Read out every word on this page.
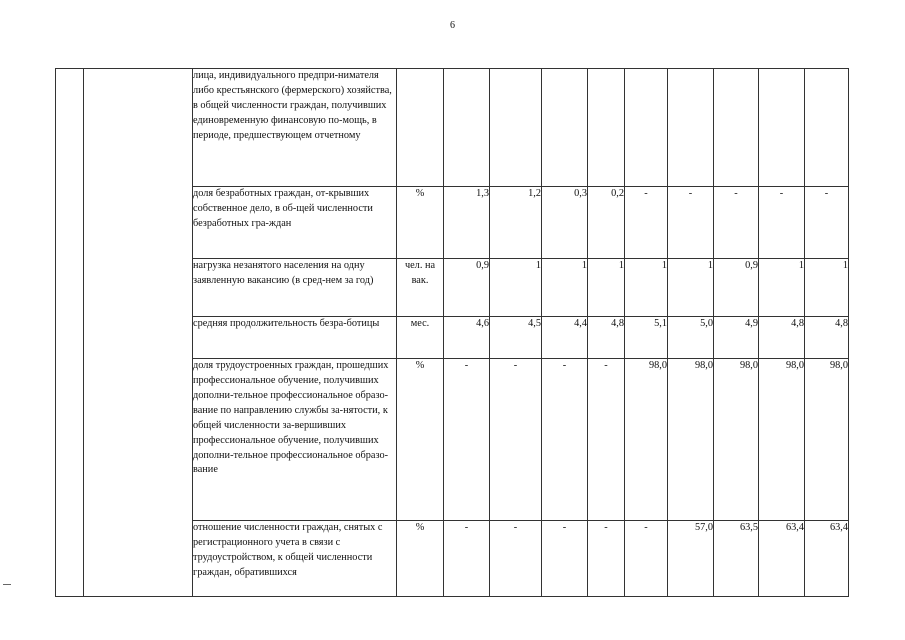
6

		лица, индивидуального предпри-нимателя либо крестьянского (фермерского) хозяйства, в общей численности граждан, получивших единовременную финансовую по-мощь, в периоде, предшествующем отчетному										

		доля безработных граждан, от-крывших собственное дело, в об-щей численности безработных гра-ждан	%	1,3	1,2	0,3	0,2	-	-	-	-	-

		нагрузка незанятого населения на одну заявленную вакансию (в сред-нем за год)	чел. на вак.	0,9	1	1	1	1	1	0,9	1	1

		средняя продолжительность безра-ботицы	мес.	4,6	4,5	4,4	4,8	5,1	5,0	4,9	4,8	4,8

		доля трудоустроенных граждан, прошедших профессиональное обучение, получивших дополни-тельное профессиональное образо-вание по направлению службы за-нятости, к общей численности за-вершивших профессиональное обучение, получивших дополни-тельное профессиональное образо-вание	%	-	-	-	-	98,0	98,0	98,0	98,0	98,0

		отношение численности граждан, снятых с регистрационного учета в связи с трудоустройством, к общей численности граждан, обратившихся	%	-	-	-	-	-	57,0	63,5	63,4	63,4
